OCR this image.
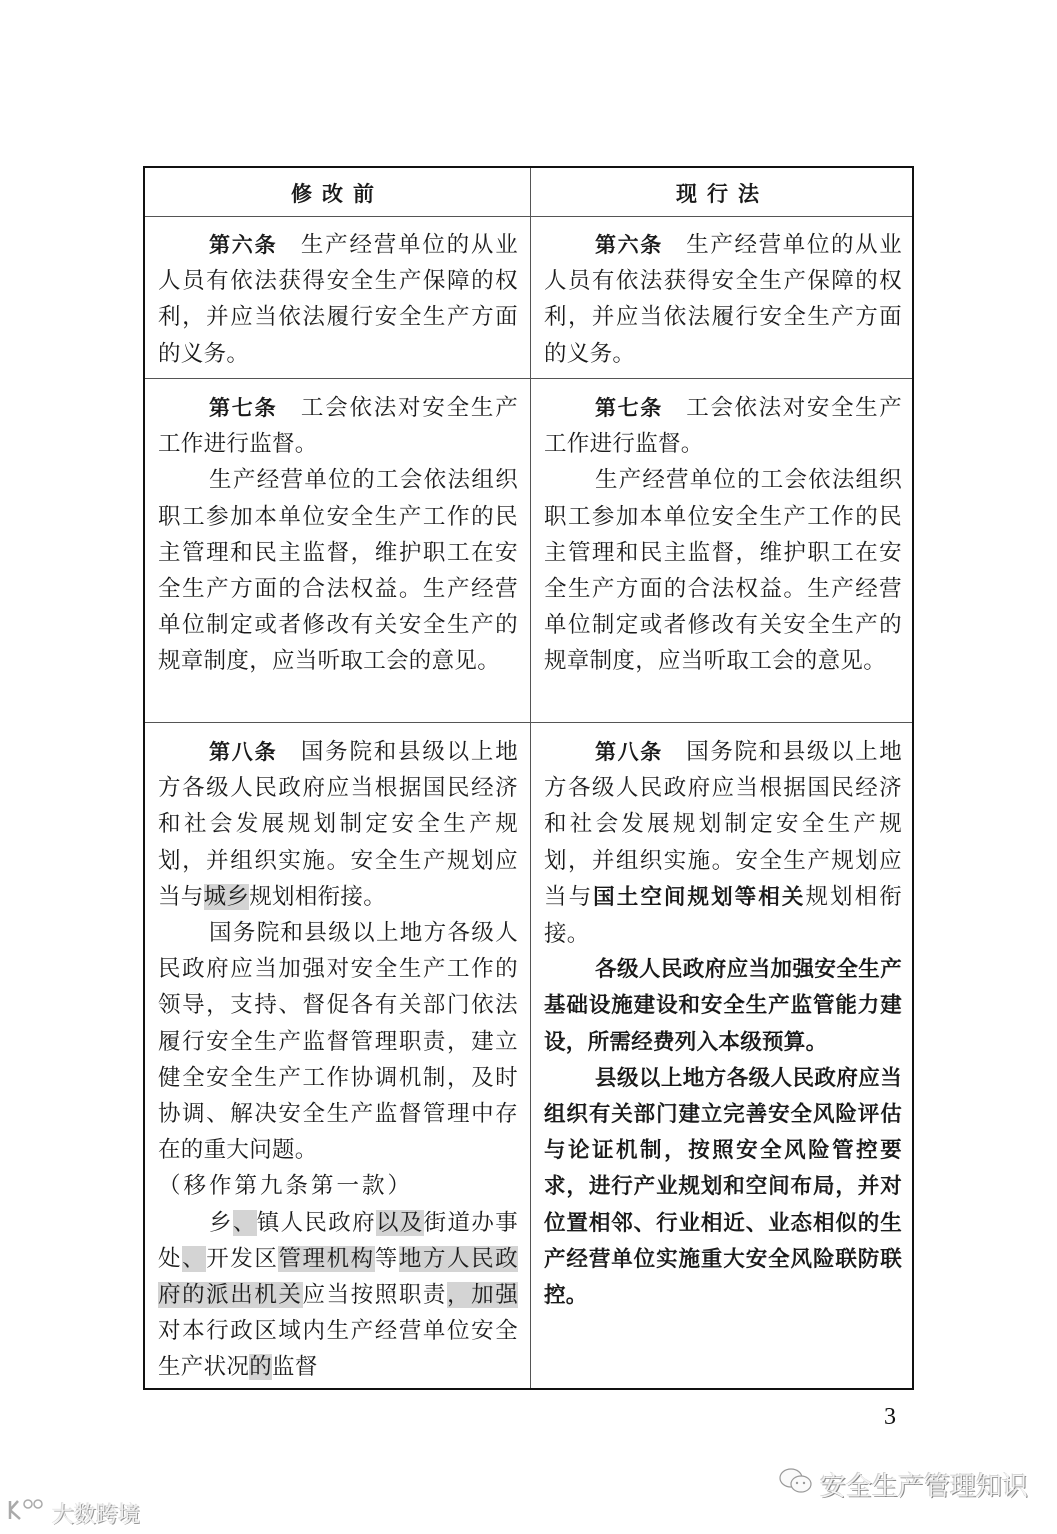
修改前	现行法

第六条 生产经营单位的从业人员有依法获得安全生产保障的权利，并应当依法履行安全生产方面的义务。

第六条 生产经营单位的从业人员有依法获得安全生产保障的权利，并应当依法履行安全生产方面的义务。

第七条 工会依法对安全生产工作进行监督。

生产经营单位的工会依法组织职工参加本单位安全生产工作的民主管理和民主监督，维护职工在安全生产方面的合法权益。生产经营单位制定或者修改有关安全生产的规章制度，应当听取工会的意见。

第七条 工会依法对安全生产工作进行监督。

生产经营单位的工会依法组织职工参加本单位安全生产工作的民主管理和民主监督，维护职工在安全生产方面的合法权益。生产经营单位制定或者修改有关安全生产的规章制度，应当听取工会的意见。

第八条 国务院和县级以上地方各级人民政府应当根据国民经济和社会发展规划制定安全生产规划，并组织实施。安全生产规划应当与城乡规划相衔接。

国务院和县级以上地方各级人民政府应当加强对安全生产工作的领导，支持、督促各有关部门依法履行安全生产监督管理职责，建立健全安全生产工作协调机制，及时协调、解决安全生产监督管理中存在的重大问题。

（移作第九条第一款）

乡、镇人民政府以及街道办事处、开发区管理机构等地方人民政府的派出机关应当按照职责，加强对本行政区域内生产经营单位安全生产状况的监督

第八条 国务院和县级以上地方各级人民政府应当根据国民经济和社会发展规划制定安全生产规划，并组织实施。安全生产规划应当与国土空间规划等相关规划相衔接。

各级人民政府应当加强安全生产基础设施建设和安全生产监管能力建设，所需经费列入本级预算。

县级以上地方各级人民政府应当组织有关部门建立完善安全风险评估与论证机制，按照安全风险管控要求，进行产业规划和空间布局，并对位置相邻、行业相近、业态相似的生产经营单位实施重大安全风险联防联控。

3
安全生产管理知识
大数跨境
